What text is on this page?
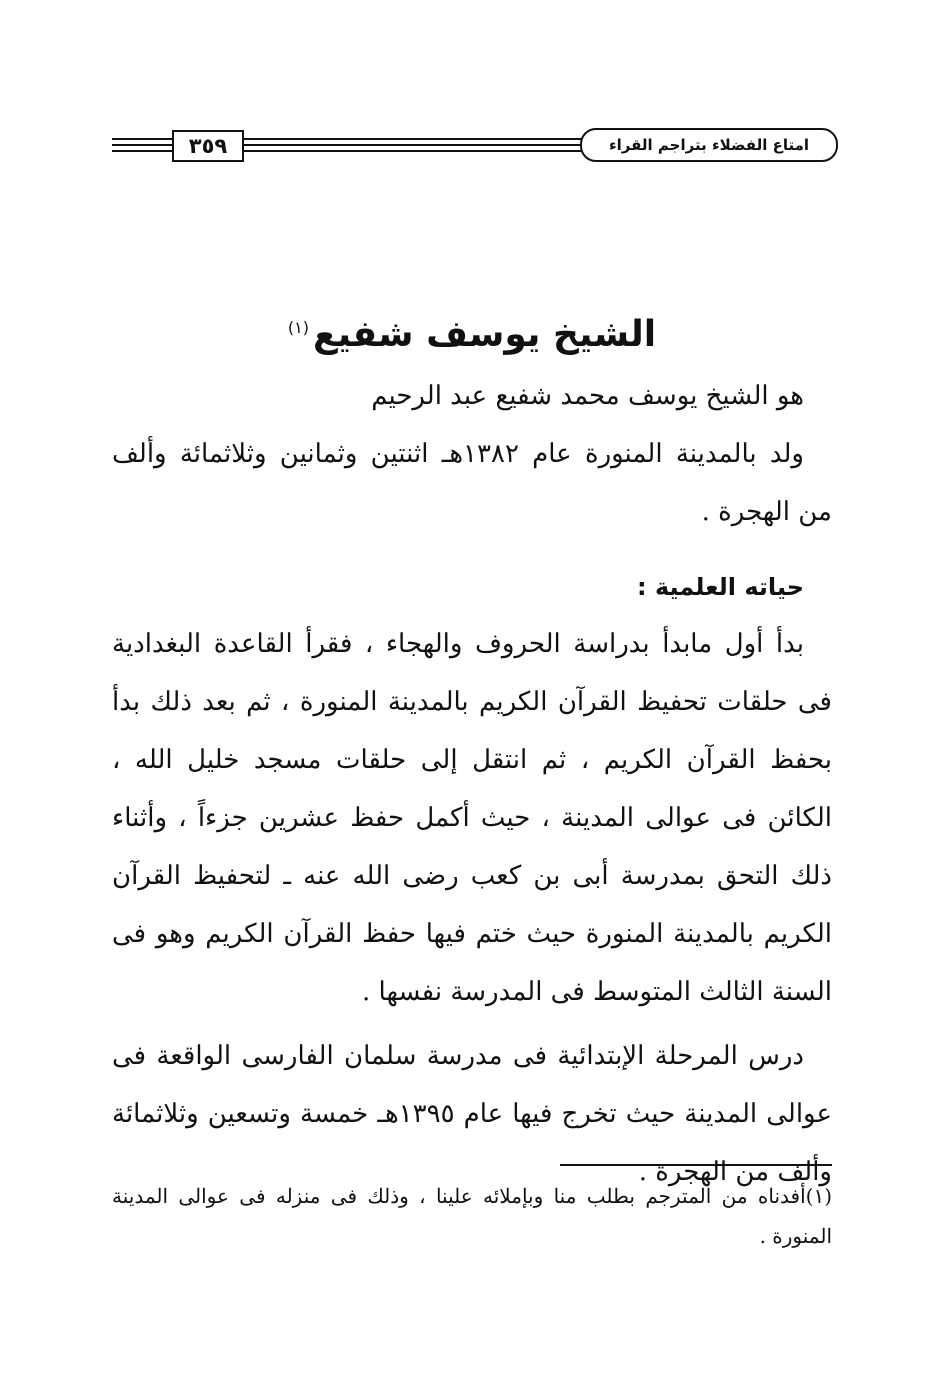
٣٥٩	امتاع الفضلاء بتراجم القراء
الشيخ يوسف شفيع$^{(١)}$

هو الشيخ يوسف محمد شفيع عبد الرحيم

ولد بالمدينة المنورة عام ١٣٨٢هـ اثنتين وثمانين وثلاثمائة وألف من الهجرة .

حياته العلمية :

بدأ أول مابدأ بدراسة الحروف والهجاء ، فقرأ القاعدة البغدادية فى حلقات تحفيظ القرآن الكريم بالمدينة المنورة ، ثم بعد ذلك بدأ بحفظ القرآن الكريم ، ثم انتقل إلى حلقات مسجد خليل الله ، الكائن فى عوالى المدينة ، حيث أكمل حفظ عشرين جزءاً ، وأثناء ذلك التحق بمدرسة أبى بن كعب رضى الله عنه ـ لتحفيظ القرآن الكريم بالمدينة المنورة حيث ختم فيها حفظ القرآن الكريم وهو فى السنة الثالث المتوسط فى المدرسة نفسها .

درس المرحلة الإبتدائية فى مدرسة سلمان الفارسى الواقعة فى عوالى المدينة حيث تخرج فيها عام ١٣٩٥هـ خمسة وتسعين وثلاثمائة وألف من الهجرة .

(١)أفدناه من المترجم بطلب منا وبإملائه علينا ، وذلك فى منزله فى عوالى المدينة المنورة .
